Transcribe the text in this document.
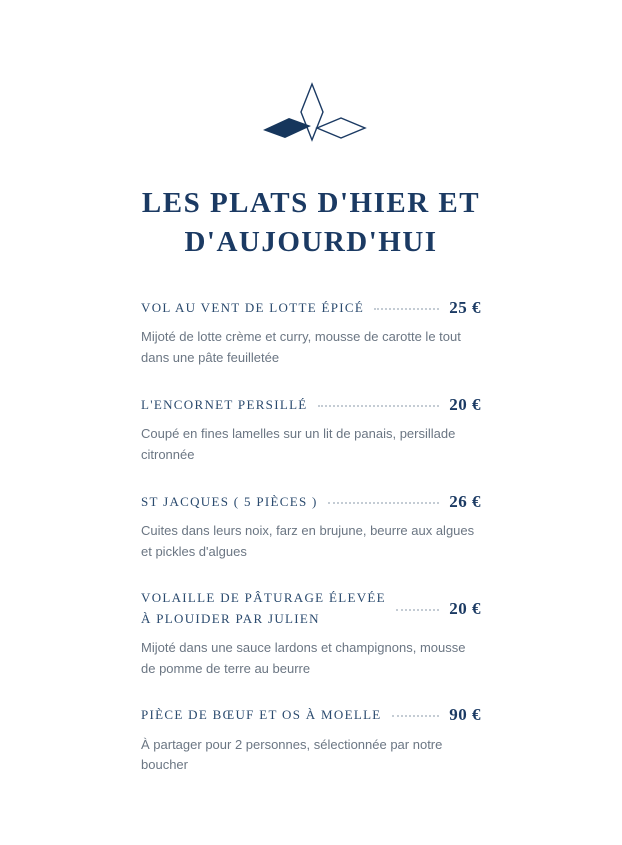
LES PLATS D'HIER ET
D'AUJOURD'HUI
VOL AU VENT DE LOTTE ÉPICÉ	25 €

Mijoté de lotte crème et curry, mousse de carotte le tout dans une pâte feuilletée

L'ENCORNET PERSILLÉ	20 €

Coupé en fines lamelles sur un lit de panais, persillade citronnée

ST JACQUES ( 5 PIÈCES )	26 €

Cuites dans leurs noix, farz en brujune, beurre aux algues et pickles d'algues

VOLAILLE DE PÂTURAGE ÉLEVÉE À PLOUIDER PAR JULIEN
20 €

Mijoté dans une sauce lardons et champignons, mousse de pomme de terre au beurre

PIÈCE DE BŒUF ET OS À MOELLE	90 €

À partager pour 2 personnes, sélectionnée par notre boucher
